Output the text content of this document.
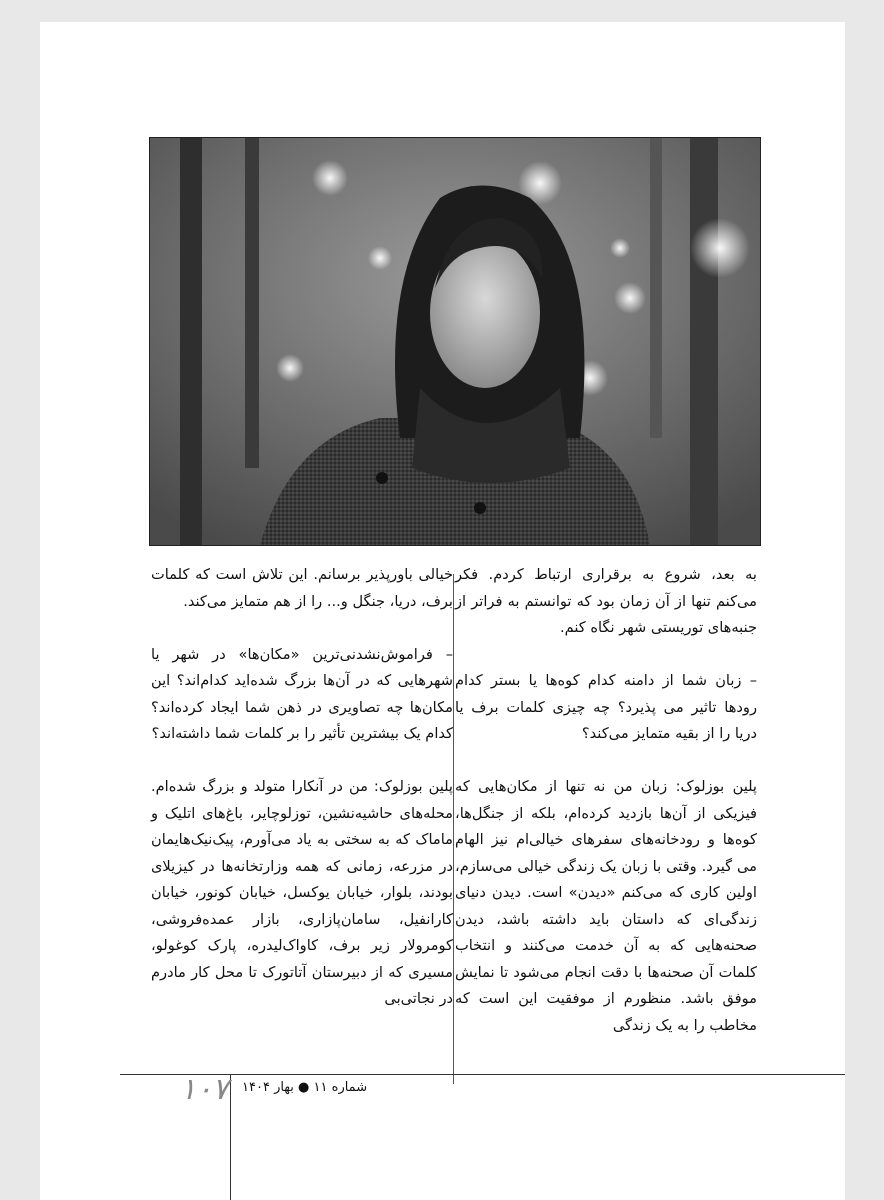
به بعد، شروع به برقراری ارتباط کردم. فکر می‌کنم تنها از آن زمان بود که توانستم به فراتر از جنبه‌های توریستی شهر نگاه کنم.

– زبان شما از دامنه کدام کوه‌ها یا بستر کدام رودها تاثیر می پذیرد؟ چه چیزی کلمات برف یا دریا را از بقیه متمایز می‌کند؟

پلین بوزلوک: زبان من نه تنها از مکان‌هایی که فیزیکی از آن‌ها بازدید کرده‌ام، بلکه از جنگل‌ها، کوه‌ها و رودخانه‌های سفرهای خیالی‌ام نیز الهام می گیرد. وقتی با زبان یک زندگی خیالی می‌سازم، اولین کاری که می‌کنم «دیدن» است. دیدن دنیای زندگی‌ای که داستان باید داشته باشد، دیدن صحنه‌هایی که به آن خدمت می‌کنند و انتخاب کلمات آن صحنه‌ها با دقت انجام می‌شود تا نمایش موفق باشد. منظورم از موفقیت این است که مخاطب را به یک زندگی

خیالی باورپذیر برسانم. این تلاش است که کلمات برف، دریا، جنگل و... را از هم متمایز می‌کند.

– فراموش‌نشدنی‌ترین «مکان‌ها» در شهر یا شهرهایی که در آن‌ها بزرگ شده‌اید کدام‌اند؟ این مکان‌ها چه تصاویری در ذهن شما ایجاد کرده‌اند؟ کدام یک بیشترین تأثیر را بر کلمات شما داشته‌اند؟

پلین بوزلوک: من در آنکارا متولد و بزرگ شده‌ام. محله‌های حاشیه‌نشین، توزلوچایر، باغ‌های اتلیک و ماماک که به سختی به یاد می‌آورم، پیک‌نیک‌هایمان در مزرعه، زمانی که همه وزارتخانه‌ها در کیزیلای بودند، بلوار، خیابان یوکسل، خیابان کونور، خیابان کارانفیل، سامان‌پازاری، بازار عمده‌فروشی، کومرولار زیر برف، کاواک‌لیدره، پارک کوغولو، مسیری که از دبیرستان آتاتورک تا محل کار مادرم در نجاتی‌بی

۱۰۷ شماره ۱۱ ● بهار ۱۴۰۴
